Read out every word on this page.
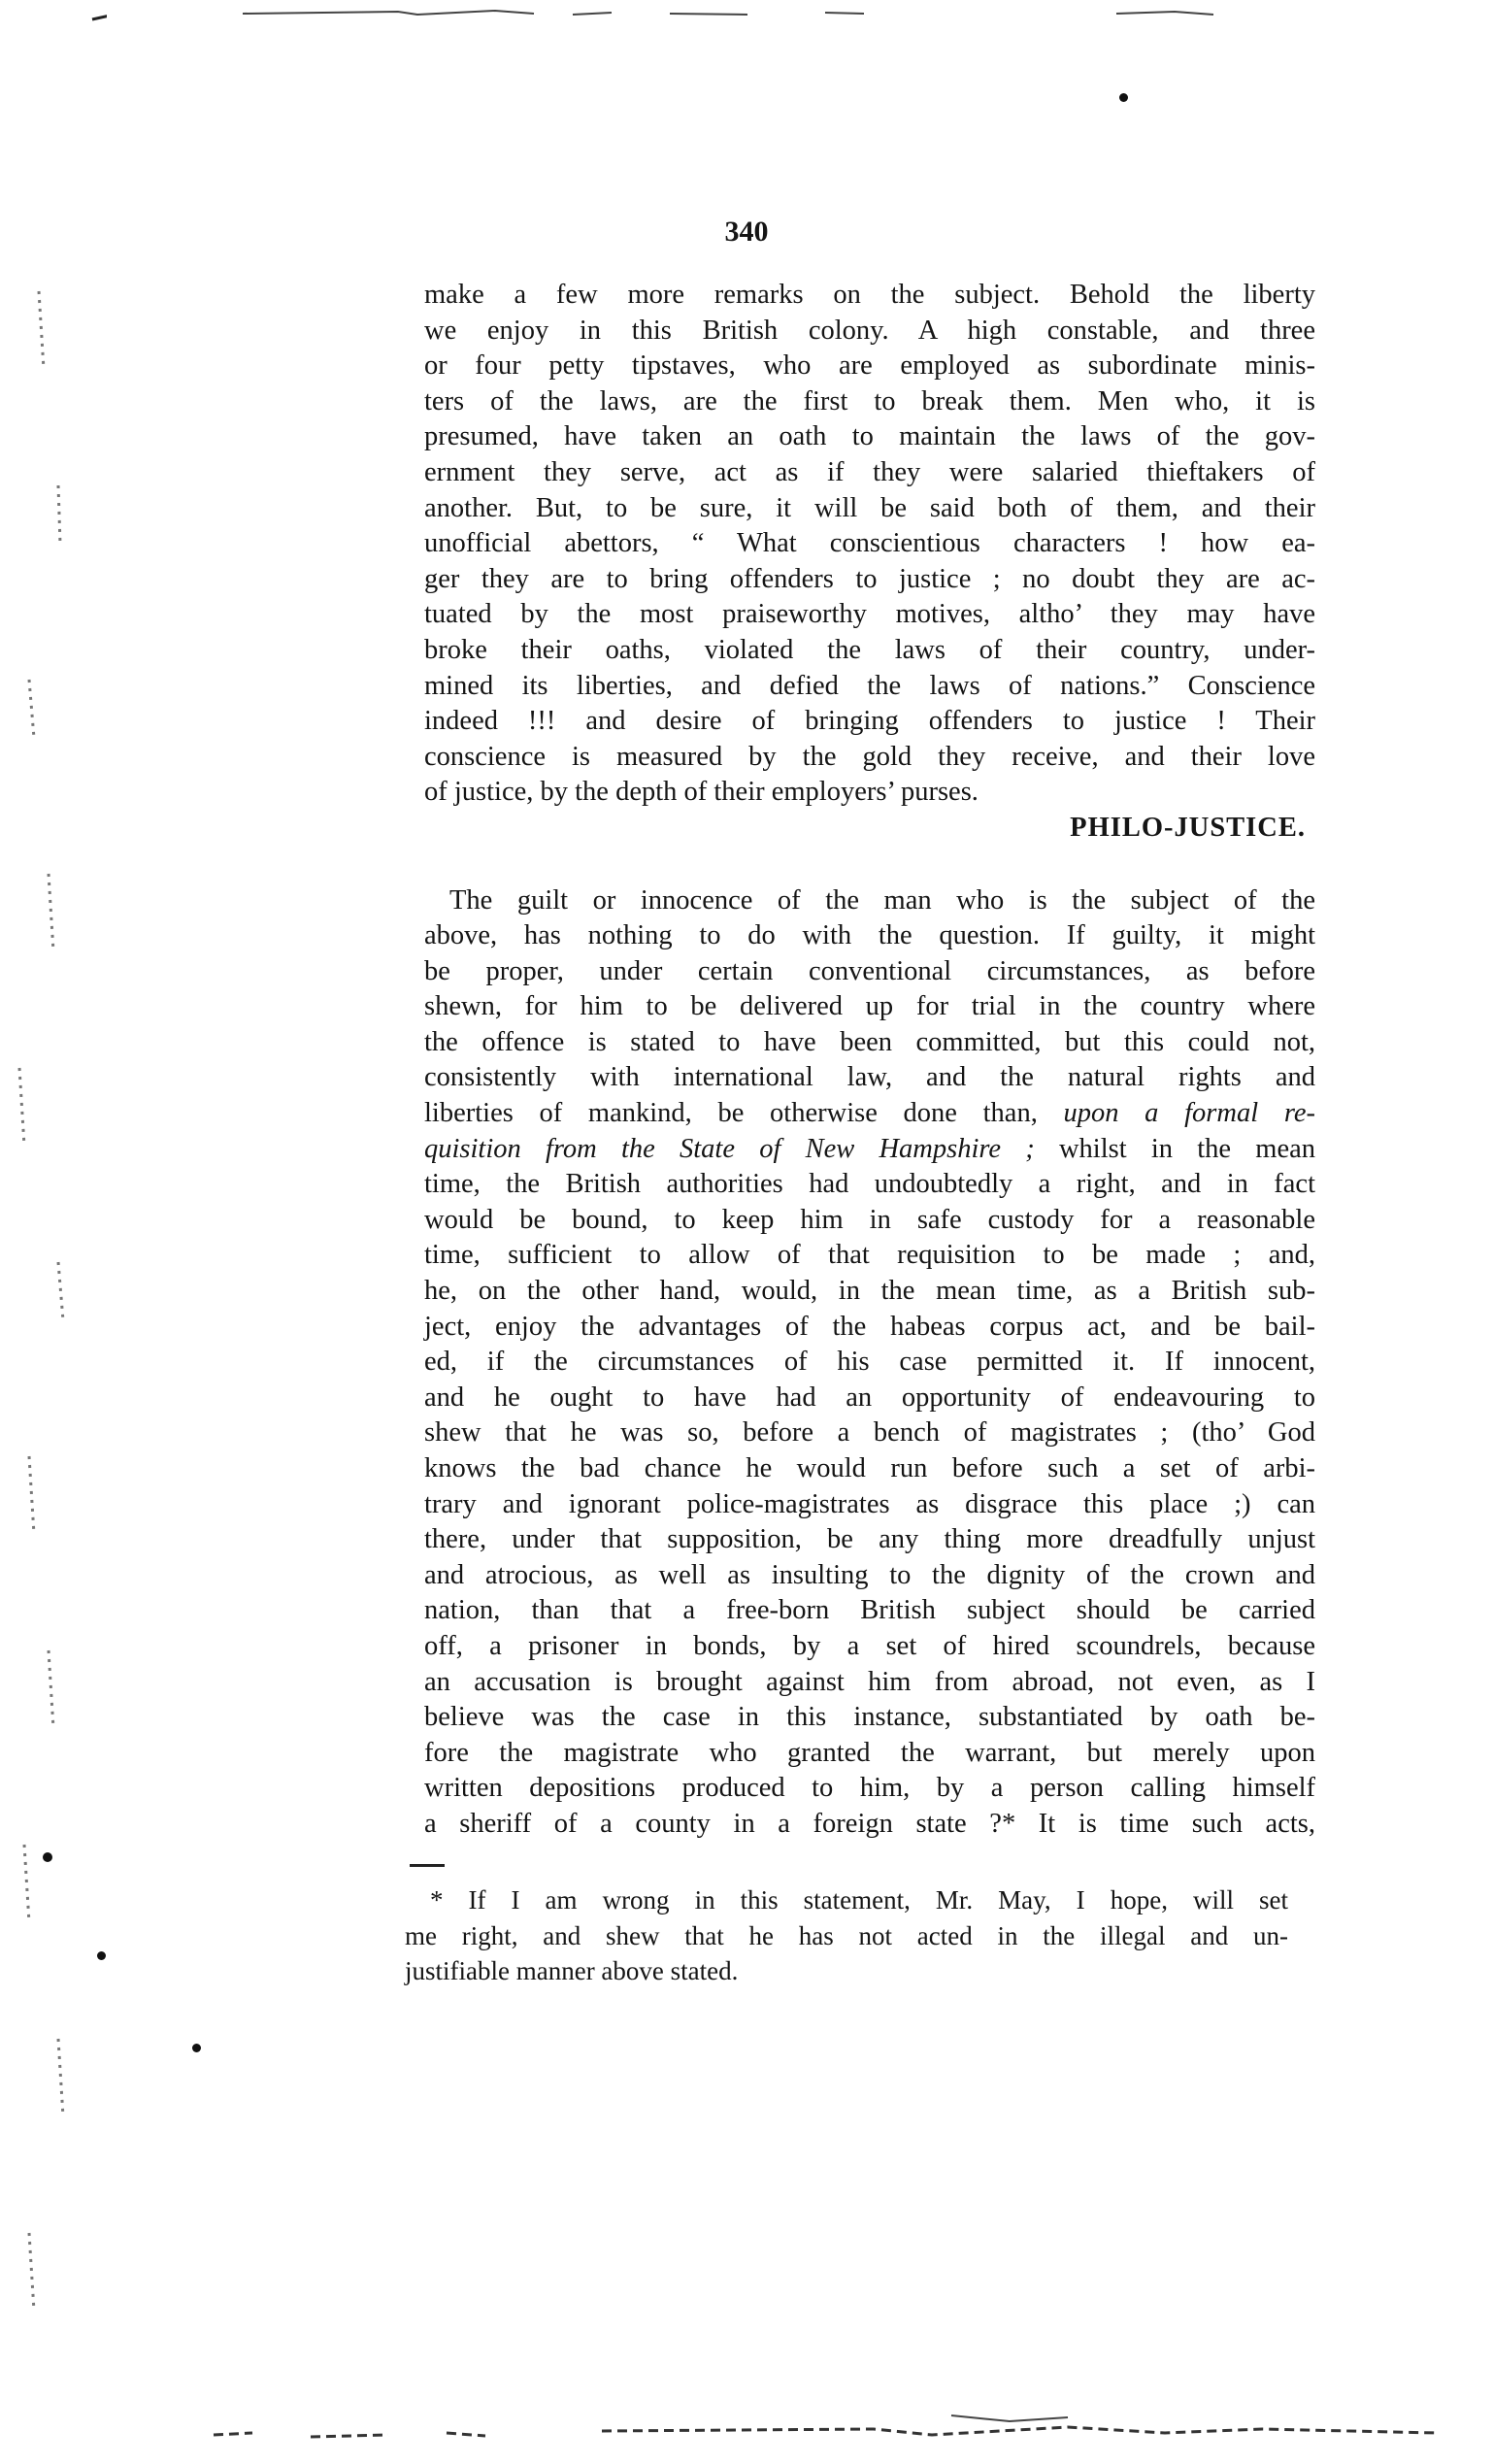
340
make a few more remarks on the subject. Behold the liberty
we enjoy in this British colony. A high constable, and three
or four petty tipstaves, who are employed as subordinate minis-
ters of the laws, are the first to break them. Men who, it is
presumed, have taken an oath to maintain the laws of the gov-
ernment they serve, act as if they were salaried thieftakers of
another. But, to be sure, it will be said both of them, and their
unofficial abettors, “ What conscientious characters ! how ea-
ger they are to bring offenders to justice ; no doubt they are ac-
tuated by the most praiseworthy motives, altho’ they may have
broke their oaths, violated the laws of their country, under-
mined its liberties, and defied the laws of nations.” Conscience
indeed !!! and desire of bringing offenders to justice ! Their
conscience is measured by the gold they receive, and their love
of justice, by the depth of their employers’ purses.
PHILO-JUSTICE.
The guilt or innocence of the man who is the subject of the
above, has nothing to do with the question. If guilty, it might
be proper, under certain conventional circumstances, as before
shewn, for him to be delivered up for trial in the country where
the offence is stated to have been committed, but this could not,
consistently with international law, and the natural rights and
liberties of mankind, be otherwise done than, upon a formal re-
quisition from the State of New Hampshire ; whilst in the mean
time, the British authorities had undoubtedly a right, and in fact
would be bound, to keep him in safe custody for a reasonable
time, sufficient to allow of that requisition to be made ; and,
he, on the other hand, would, in the mean time, as a British sub-
ject, enjoy the advantages of the habeas corpus act, and be bail-
ed, if the circumstances of his case permitted it. If innocent,
and he ought to have had an opportunity of endeavouring to
shew that he was so, before a bench of magistrates ; (tho’ God
knows the bad chance he would run before such a set of arbi-
trary and ignorant police-magistrates as disgrace this place ;) can
there, under that supposition, be any thing more dreadfully unjust
and atrocious, as well as insulting to the dignity of the crown and
nation, than that a free-born British subject should be carried
off, a prisoner in bonds, by a set of hired scoundrels, because
an accusation is brought against him from abroad, not even, as I
believe was the case in this instance, substantiated by oath be-
fore the magistrate who granted the warrant, but merely upon
written depositions produced to him, by a person calling himself
a sheriff of a county in a foreign state ?* It is time such acts,
* If I am wrong in this statement, Mr. May, I hope, will set
me right, and shew that he has not acted in the illegal and un-
justifiable manner above stated.
